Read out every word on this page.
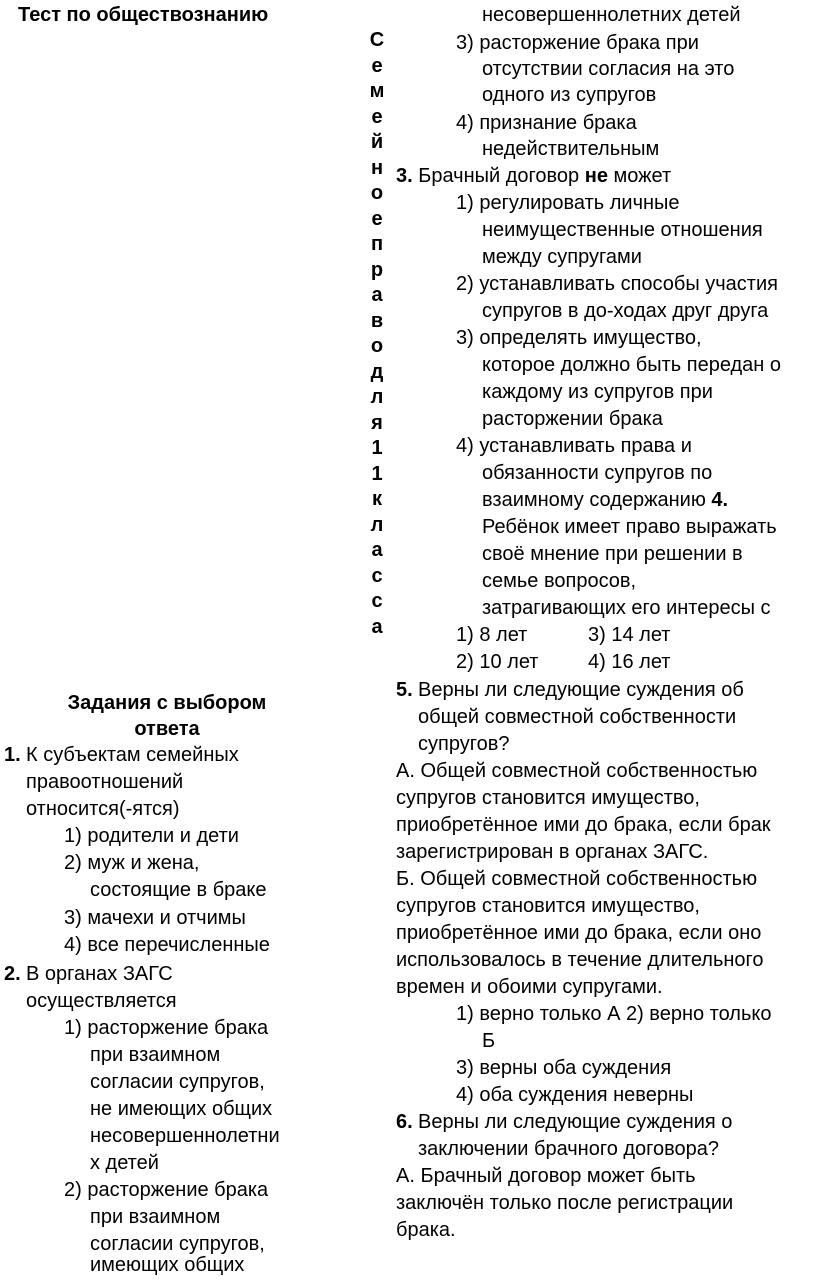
Тест по обществознанию
С
е
м
е
й
н
о
е
п
р
а
в
о
д
л
я
1
1
к
л
а
с
с
а
Задания с выбором
ответа
1. К субъектам семейных
правоотношений
относится(-ятся)
1) родители и дети
2) муж и жена,
состоящие в браке
3) мачехи и отчимы
4) все перечисленные
2. В органах ЗАГС
осуществляется
1) расторжение брака
при взаимном
согласии супругов,
не имеющих общих
несовершеннолетни
х детей
2) расторжение брака
при взаимном
согласии супругов,
имеющих общих
несовершеннолетних детей
3) расторжение брака при
отсутствии согласия на это
одного из супругов
4) признание брака
недействительным
3. Брачный договор не может
1) регулировать личные
неимущественные отношения
между супругами
2) устанавливать способы участия
супругов в до-ходах друг друга
3) определять имущество,
которое должно быть передан о
каждому из супругов при
расторжении брака
4) устанавливать права и
обязанности супругов по
взаимному содержанию 4.
Ребёнок имеет право выражать
своё мнение при решении в
семье вопросов,
затрагивающих его интересы с
1) 8 лет	3) 14 лет
2) 10 лет 4) 16 лет
5. Верны ли следующие суждения об
общей совместной собственности
супругов?
А. Общей совместной собственностью
супругов становится имущество,
приобретённое ими до брака, если брак
зарегистрирован в органах ЗАГС.
Б. Общей совместной собственностью
супругов становится имущество,
приобретённое ими до брака, если оно
использовалось в течение длительного
времен и обоими супругами.
1) верно только А 2) верно только
Б
3) верны оба суждения
4) оба суждения неверны
6. Верны ли следующие суждения о
заключении брачного договора?
А. Брачный договор может быть
заключён только после регистрации
брака.
